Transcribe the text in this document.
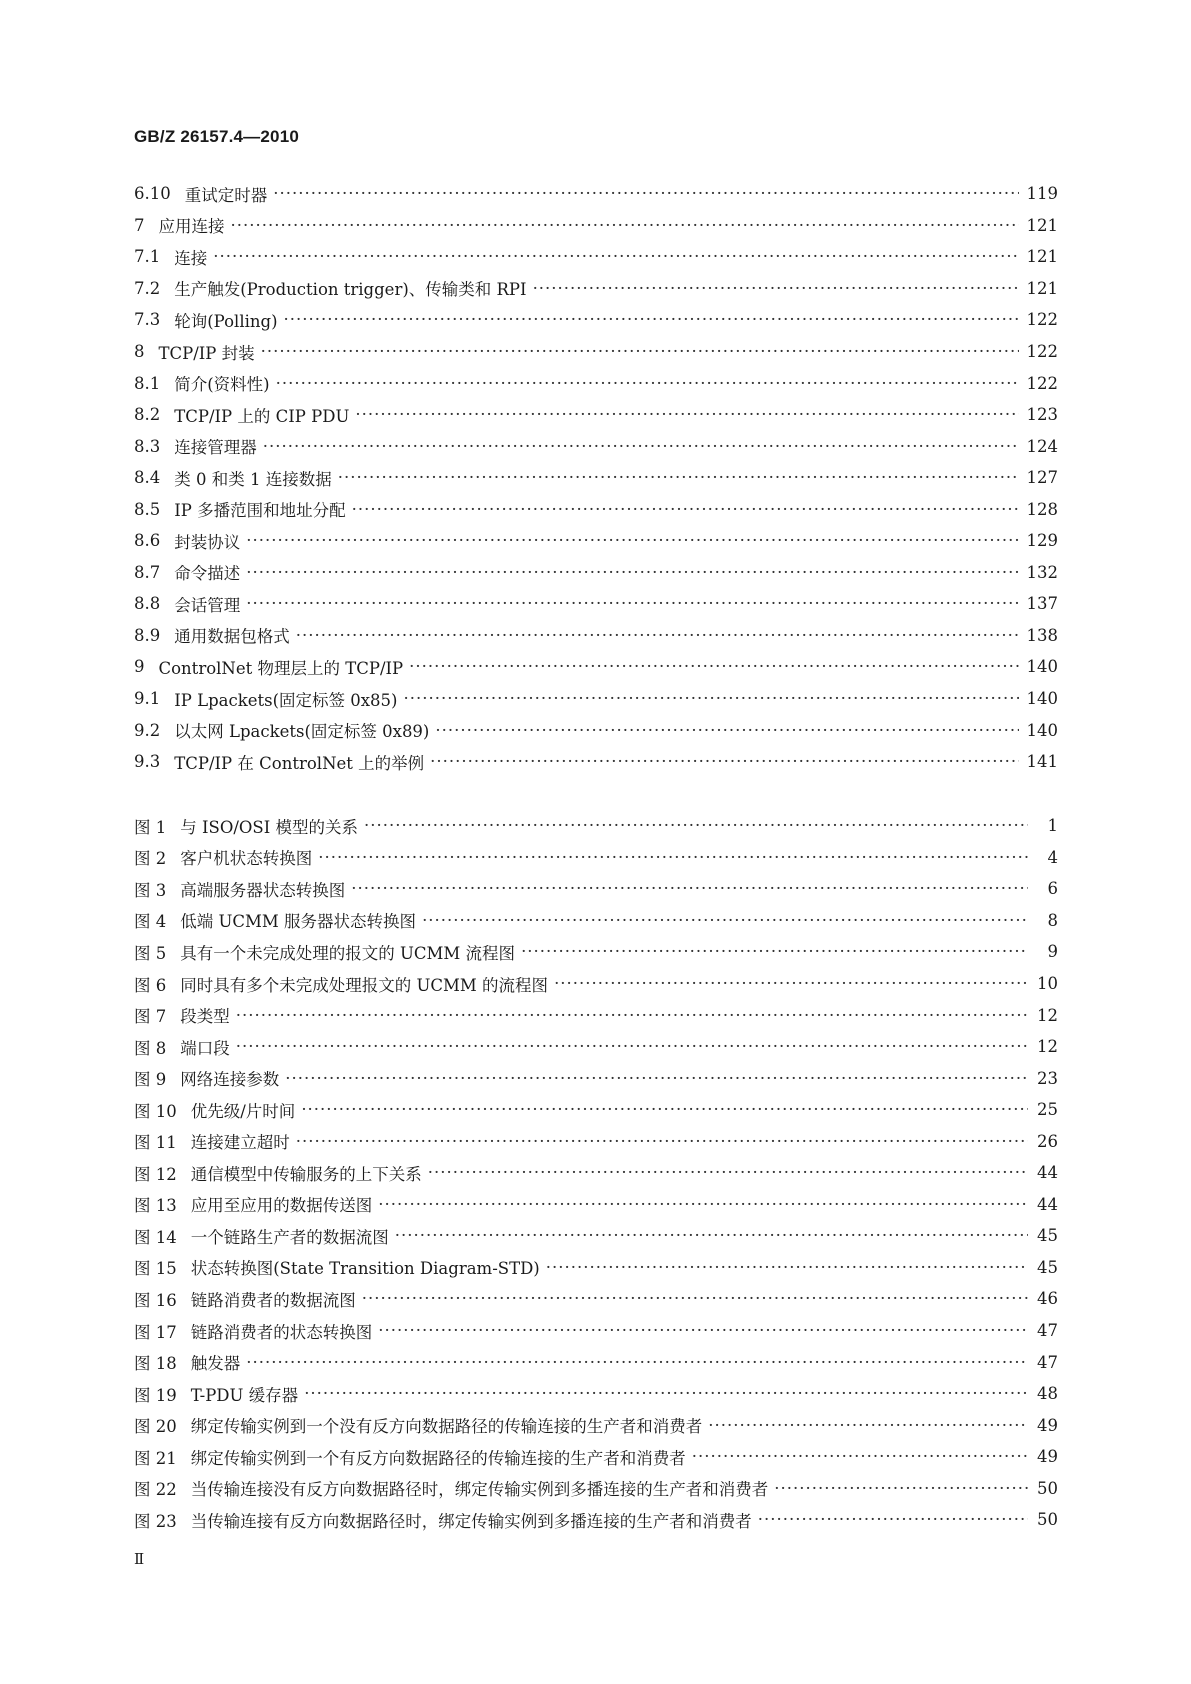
GB/Z 26157.4—2010
6.10 重试定时器 ·····	119
7 应用连接 ·····	121
7.1 连接 ·····	121
7.2 生产触发(Production trigger)、传输类和 RPI ·····	121
7.3 轮询(Polling) ·····	122
8 TCP/IP 封装 ·····	122
8.1 简介(资料性) ·····	122
8.2 TCP/IP 上的 CIP PDU ·····	123
8.3 连接管理器 ·····	124
8.4 类 0 和类 1 连接数据 ·····	127
8.5 IP 多播范围和地址分配 ·····	128
8.6 封装协议 ·····	129
8.7 命令描述 ·····	132
8.8 会话管理 ·····	137
8.9 通用数据包格式 ·····	138
9 ControlNet 物理层上的 TCP/IP ·····	140
9.1 IP Lpackets(固定标签 0x85) ·····	140
9.2 以太网 Lpackets(固定标签 0x89) ·····	140
9.3 TCP/IP 在 ControlNet 上的举例 ·····	141
图 1 与 ISO/OSI 模型的关系 ·····	1
图 2 客户机状态转换图 ·····	4
图 3 高端服务器状态转换图 ·····	6
图 4 低端 UCMM 服务器状态转换图 ·····	8
图 5 具有一个未完成处理的报文的 UCMM 流程图 ·····	9
图 6 同时具有多个未完成处理报文的 UCMM 的流程图 ·····	10
图 7 段类型 ·····	12
图 8 端口段 ·····	12
图 9 网络连接参数 ·····	23
图 10 优先级/片时间 ·····	25
图 11 连接建立超时 ·····	26
图 12 通信模型中传输服务的上下关系 ·····	44
图 13 应用至应用的数据传送图 ·····	44
图 14 一个链路生产者的数据流图 ·····	45
图 15 状态转换图(State Transition Diagram-STD) ·····	45
图 16 链路消费者的数据流图 ·····	46
图 17 链路消费者的状态转换图 ·····	47
图 18 触发器 ·····	47
图 19 T-PDU 缓存器 ·····	48
图 20 绑定传输实例到一个没有反方向数据路径的传输连接的生产者和消费者 ·····	49
图 21 绑定传输实例到一个有反方向数据路径的传输连接的生产者和消费者 ·····	49
图 22 当传输连接没有反方向数据路径时，绑定传输实例到多播连接的生产者和消费者 ·····	50
图 23 当传输连接有反方向数据路径时，绑定传输实例到多播连接的生产者和消费者 ·····	50
Ⅱ
